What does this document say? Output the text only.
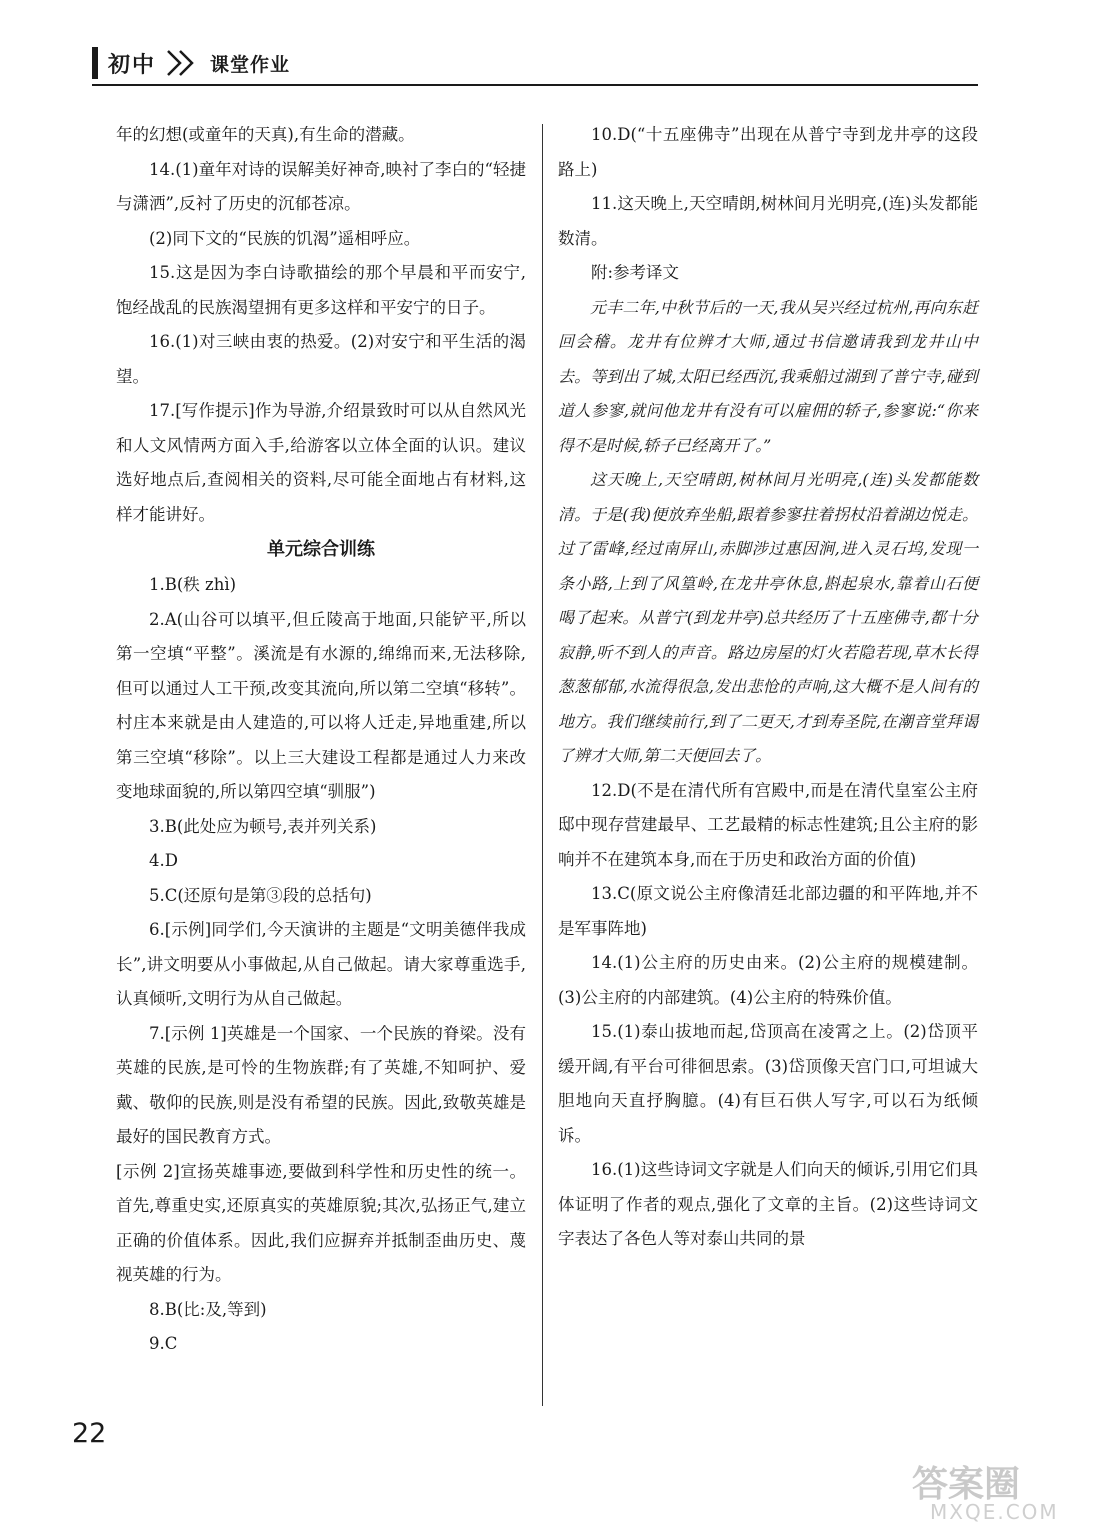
初中	课堂作业

年的幻想(或童年的天真),有生命的潜藏。

14.(1)童年对诗的误解美好神奇,映衬了李白的“轻捷与潇洒”,反衬了历史的沉郁苍凉。

(2)同下文的“民族的饥渴”遥相呼应。

15.这是因为李白诗歌描绘的那个早晨和平而安宁,饱经战乱的民族渴望拥有更多这样和平安宁的日子。

16.(1)对三峡由衷的热爱。(2)对安宁和平生活的渴望。

17.[写作提示]作为导游,介绍景致时可以从自然风光和人文风情两方面入手,给游客以立体全面的认识。建议选好地点后,查阅相关的资料,尽可能全面地占有材料,这样才能讲好。

单元综合训练

1.B(秩 zhì)

2.A(山谷可以填平,但丘陵高于地面,只能铲平,所以第一空填“平整”。溪流是有水源的,绵绵而来,无法移除,但可以通过人工干预,改变其流向,所以第二空填“移转”。村庄本来就是由人建造的,可以将人迁走,异地重建,所以第三空填“移除”。以上三大建设工程都是通过人力来改变地球面貌的,所以第四空填“驯服”)

3.B(此处应为顿号,表并列关系)

4.D

5.C(还原句是第③段的总括句)

6.[示例]同学们,今天演讲的主题是“文明美德伴我成长”,讲文明要从小事做起,从自己做起。请大家尊重选手,认真倾听,文明行为从自己做起。

7.[示例 1]英雄是一个国家、一个民族的脊梁。没有英雄的民族,是可怜的生物族群;有了英雄,不知呵护、爱戴、敬仰的民族,则是没有希望的民族。因此,致敬英雄是最好的国民教育方式。

[示例 2]宣扬英雄事迹,要做到科学性和历史性的统一。首先,尊重史实,还原真实的英雄原貌;其次,弘扬正气,建立正确的价值体系。因此,我们应摒弃并抵制歪曲历史、蔑视英雄的行为。

8.B(比:及,等到)

9.C

10.D(“十五座佛寺”出现在从普宁寺到龙井亭的这段路上)

11.这天晚上,天空晴朗,树林间月光明亮,(连)头发都能数清。

附:参考译文

元丰二年,中秋节后的一天,我从吴兴经过杭州,再向东赶回会稽。龙井有位辨才大师,通过书信邀请我到龙井山中去。等到出了城,太阳已经西沉,我乘船过湖到了普宁寺,碰到道人参寥,就问他龙井有没有可以雇佣的轿子,参寥说:“你来得不是时候,轿子已经离开了。”

这天晚上,天空晴朗,树林间月光明亮,(连)头发都能数清。于是(我)便放弃坐船,跟着参寥拄着拐杖沿着湖边悦走。过了雷峰,经过南屏山,赤脚涉过惠因涧,进入灵石坞,发现一条小路,上到了风篁岭,在龙井亭休息,斟起泉水,靠着山石便喝了起来。从普宁(到龙井亭)总共经历了十五座佛寺,都十分寂静,听不到人的声音。路边房屋的灯火若隐若现,草木长得葱葱郁郁,水流得很急,发出悲怆的声响,这大概不是人间有的地方。我们继续前行,到了二更天,才到寿圣院,在潮音堂拜谒了辨才大师,第二天便回去了。

12.D(不是在清代所有宫殿中,而是在清代皇室公主府邸中现存营建最早、工艺最精的标志性建筑;且公主府的影响并不在建筑本身,而在于历史和政治方面的价值)

13.C(原文说公主府像清廷北部边疆的和平阵地,并不是军事阵地)

14.(1)公主府的历史由来。(2)公主府的规模建制。(3)公主府的内部建筑。(4)公主府的特殊价值。

15.(1)泰山拔地而起,岱顶高在凌霄之上。(2)岱顶平缓开阔,有平台可徘徊思索。(3)岱顶像天宫门口,可坦诚大胆地向天直抒胸臆。(4)有巨石供人写字,可以石为纸倾诉。

16.(1)这些诗词文字就是人们向天的倾诉,引用它们具体证明了作者的观点,强化了文章的主旨。(2)这些诗词文字表达了各色人等对泰山共同的景

22
答案圈
MXQE.COM
